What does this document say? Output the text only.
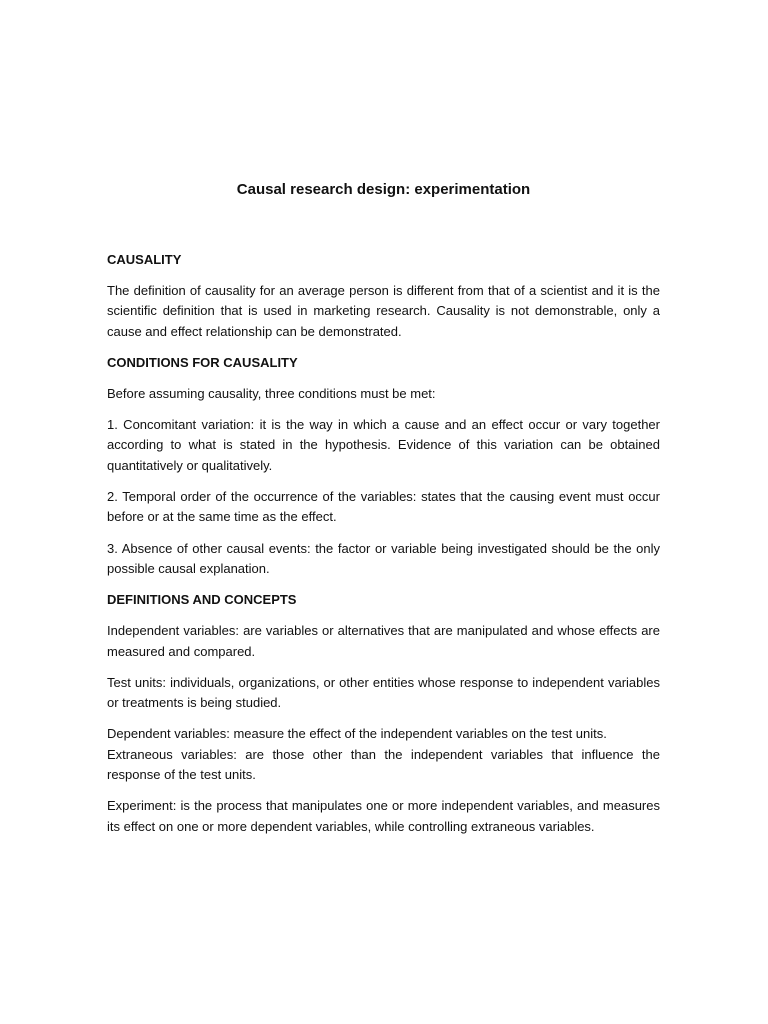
Causal research design: experimentation
CAUSALITY
The definition of causality for an average person is different from that of a scientist and it is the scientific definition that is used in marketing research. Causality is not demonstrable, only a cause and effect relationship can be demonstrated.
CONDITIONS FOR CAUSALITY
Before assuming causality, three conditions must be met:
1. Concomitant variation: it is the way in which a cause and an effect occur or vary together according to what is stated in the hypothesis. Evidence of this variation can be obtained quantitatively or qualitatively.
2. Temporal order of the occurrence of the variables: states that the causing event must occur before or at the same time as the effect.
3. Absence of other causal events: the factor or variable being investigated should be the only possible causal explanation.
DEFINITIONS AND CONCEPTS
Independent variables: are variables or alternatives that are manipulated and whose effects are measured and compared.
Test units: individuals, organizations, or other entities whose response to independent variables or treatments is being studied.
Dependent variables: measure the effect of the independent variables on the test units.
Extraneous variables: are those other than the independent variables that influence the response of the test units.
Experiment: is the process that manipulates one or more independent variables, and measures its effect on one or more dependent variables, while controlling extraneous variables.
